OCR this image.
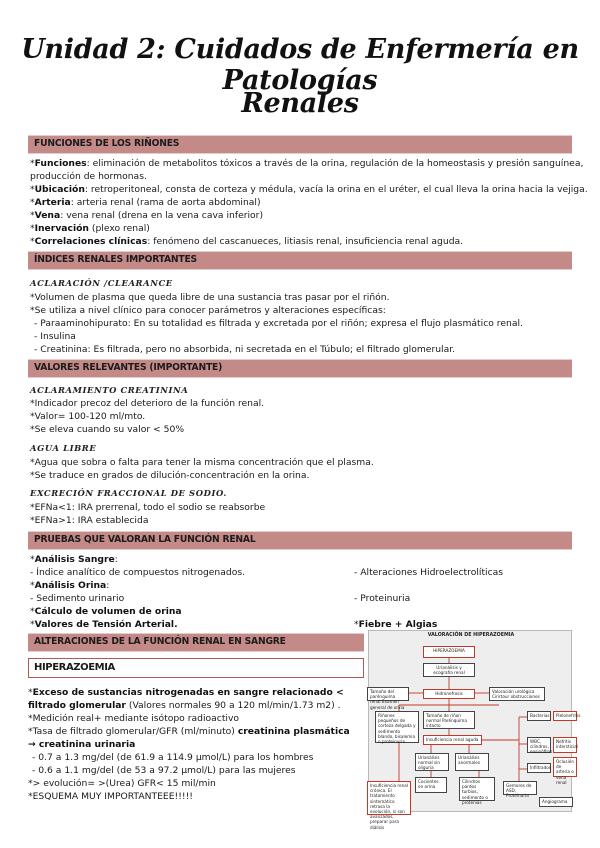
Unidad 2: Cuidados de Enfermería en Patologías
Renales
FUNCIONES DE LOS RIÑONES

*Funciones: eliminación de metabolitos tóxicos a través de la orina, regulación de la homeostasis y presión sanguínea,

producción de hormonas.

*Ubicación: retroperitoneal, consta de corteza y médula, vacía la orina en el uréter, el cual lleva la orina hacia la vejiga.

*Arteria: arteria renal (rama de aorta abdominal)

*Vena: vena renal (drena en la vena cava inferior)

*Inervación (plexo renal)

*Correlaciones clínicas: fenómeno del cascanueces, litiasis renal, insuficiencia renal aguda.

ÍNDICES RENALES IMPORTANTES
ACLARACIÓN /CLEARANCE

*Volumen de plasma que queda libre de una sustancia tras pasar por el riñón.

*Se utiliza a nivel clínico para conocer parámetros y alteraciones específicas:

- Paraaminohipurato: En su totalidad es filtrada y excretada por el riñón; expresa el flujo plasmático renal.

- Insulina

- Creatinina: Es filtrada, pero no absorbida, ni secretada en el Túbulo; el filtrado glomerular.

VALORES RELEVANTES (IMPORTANTE)
ACLARAMIENTO CREATININA

*Indicador precoz del deterioro de la función renal.

*Valor= 100-120 ml/mto.

*Se eleva cuando su valor < 50%

AGUA LIBRE

*Agua que sobra o falta para tener la misma concentración que el plasma.

*Se traduce en grados de dilución-concentración en la orina.

EXCRECIÓN FRACCIONAL DE SODIO.

*EFNa<1: IRA prerrenal, todo el sodio se reabsorbe

*EFNa>1: IRA establecida

PRUEBAS QUE VALORAN LA FUNCIÓN RENAL

*Análisis Sangre:

- Índice analítico de compuestos nitrogenados.

*Análisis Orina:

- Sedimento urinario

*Cálculo de volumen de orina

*Valores de Tensión Arterial.

- Alteraciones Hidroelectrolíticas
- Proteinuria
*Fiebre + Algias
ALTERACIONES DE LA FUNCIÓN RENAL EN SANGRE
HIPERAZOEMIA

*Exceso de sustancias nitrogenadas en sangre relacionado <

filtrado glomerular (Valores normales 90 a 120 ml/min/1.73 m2) .

*Medición real+ mediante isótopo radioactivo

*Tasa de filtrado glomerular/GFR (ml/minuto) creatinina plasmática

→ creatinina urinaria

- 0.7 a 1.3 mg/del (de 61.9 a 114.9 μmol/L) para los hombres

- 0.6 a 1.1 mg/del (de 53 a 97.2 μmol/L) para las mujeres

*> evolución= >(Urea) GFR< 15 mil/min

*ESQUEMA MUY IMPORTANTEEE!!!!!

VALORACIÓN DE HIPERAZOEMIA
HIPERAZOEMIA
Urianálisis y ecografía renal
Tamaño del parénquima renal Examen general de orina
Hidronefrosis	Valoración urológica Cirirtour obstrucciones
Riñones pequeños de corteza delgada y sedimento blando, bisalemia o proteinuria
Tamaño de riñon normal Parénquima intacto
Insuficiencia renal aguda
Bacterias	Pielonefritis
WBC, cilindros, eosinófilos
Nefritis intersticial
Urianálisis normal sin oliguria
Urianálisis anormales
Infiltrados
Oclusión de arteria o vena renal
Insuficiencia renal crónica. El tratamiento sintomático retrasa la evolución, si son avanzados, preparar para diálisis
Cocientes en orina
Cilindros pardos turbios, sedimento o protenias
Gemores de ASD, Proteinuria
Angiograma
